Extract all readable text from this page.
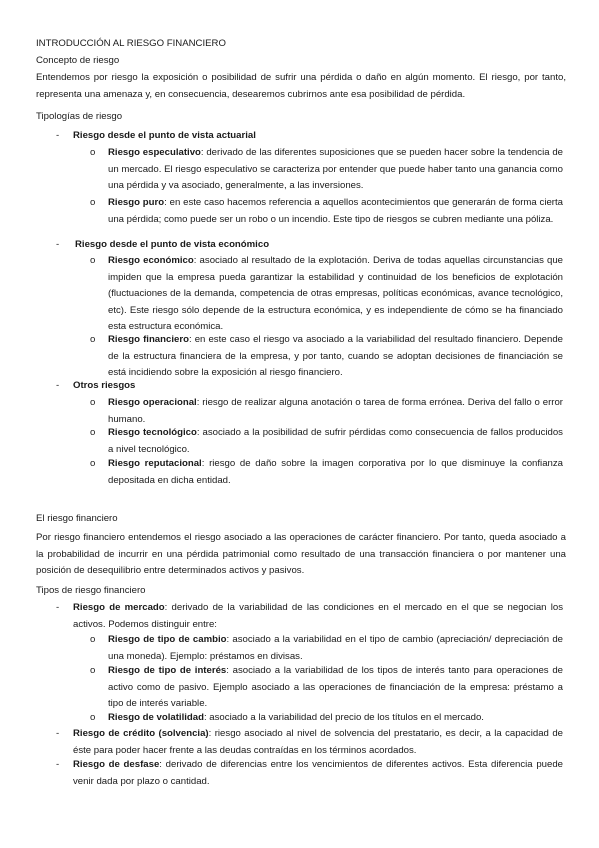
INTRODUCCIÓN AL RIESGO FINANCIERO

Concepto de riesgo

Entendemos por riesgo la exposición o posibilidad de sufrir una pérdida o daño en algún momento. El riesgo, por tanto, representa una amenaza y, en consecuencia, desearemos cubrirnos ante esa posibilidad de pérdida.

Tipologías de riesgo

- Riesgo desde el punto de vista actuarial

o Riesgo especulativo: derivado de las diferentes suposiciones que se pueden hacer sobre la tendencia de un mercado. El riesgo especulativo se caracteriza por entender que puede haber tanto una ganancia como una pérdida y va asociado, generalmente, a las inversiones.

o Riesgo puro: en este caso hacemos referencia a aquellos acontecimientos que generarán de forma cierta una pérdida; como puede ser un robo o un incendio. Este tipo de riesgos se cubren mediante una póliza.

- Riesgo desde el punto de vista económico

o Riesgo económico: asociado al resultado de la explotación. Deriva de todas aquellas circunstancias que impiden que la empresa pueda garantizar la estabilidad y continuidad de los beneficios de explotación (fluctuaciones de la demanda, competencia de otras empresas, políticas económicas, avance tecnológico, etc). Este riesgo sólo depende de la estructura económica, y es independiente de cómo se ha financiado esta estructura económica.

o Riesgo financiero: en este caso el riesgo va asociado a la variabilidad del resultado financiero. Depende de la estructura financiera de la empresa, y por tanto, cuando se adoptan decisiones de financiación se está incidiendo sobre la exposición al riesgo financiero.

- Otros riesgos

o Riesgo operacional: riesgo de realizar alguna anotación o tarea de forma errónea. Deriva del fallo o error humano.

o Riesgo tecnológico: asociado a la posibilidad de sufrir pérdidas como consecuencia de fallos producidos a nivel tecnológico.

o Riesgo reputacional: riesgo de daño sobre la imagen corporativa por lo que disminuye la confianza depositada en dicha entidad.

El riesgo financiero

Por riesgo financiero entendemos el riesgo asociado a las operaciones de carácter financiero. Por tanto, queda asociado a la probabilidad de incurrir en una pérdida patrimonial como resultado de una transacción financiera o por mantener una posición de desequilibrio entre determinados activos y pasivos.

Tipos de riesgo financiero

- Riesgo de mercado: derivado de la variabilidad de las condiciones en el mercado en el que se negocian los activos. Podemos distinguir entre:

o Riesgo de tipo de cambio: asociado a la variabilidad en el tipo de cambio (apreciación/ depreciación de una moneda). Ejemplo: préstamos en divisas.

o Riesgo de tipo de interés: asociado a la variabilidad de los tipos de interés tanto para operaciones de activo como de pasivo. Ejemplo asociado a las operaciones de financiación de la empresa: préstamo a tipo de interés variable.

o Riesgo de volatilidad: asociado a la variabilidad del precio de los títulos en el mercado.

- Riesgo de crédito (solvencia): riesgo asociado al nivel de solvencia del prestatario, es decir, a la capacidad de éste para poder hacer frente a las deudas contraídas en los términos acordados.

- Riesgo de desfase: derivado de diferencias entre los vencimientos de diferentes activos. Esta diferencia puede venir dada por plazo o cantidad.
